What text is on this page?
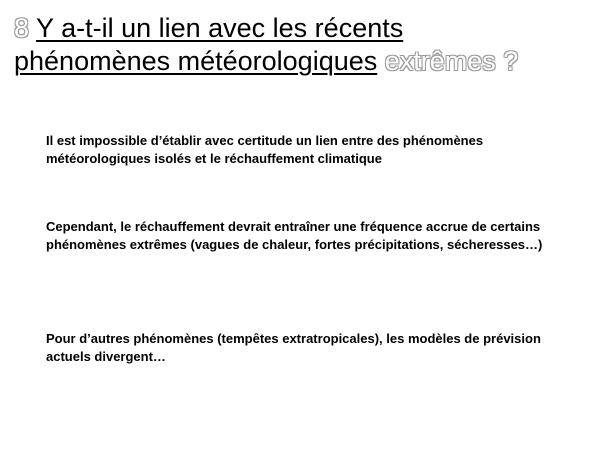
8 Y a-t-il un lien avec les récents
phénomènes météorologiques extrêmes ?

Il est impossible d’établir avec certitude un lien entre des phénomènes météorologiques isolés et le réchauffement climatique

Cependant, le réchauffement devrait entraîner une fréquence accrue de certains phénomènes extrêmes (vagues de chaleur, fortes précipitations, sécheresses…)

Pour d’autres phénomènes (tempêtes extratropicales), les modèles de prévision actuels divergent…
